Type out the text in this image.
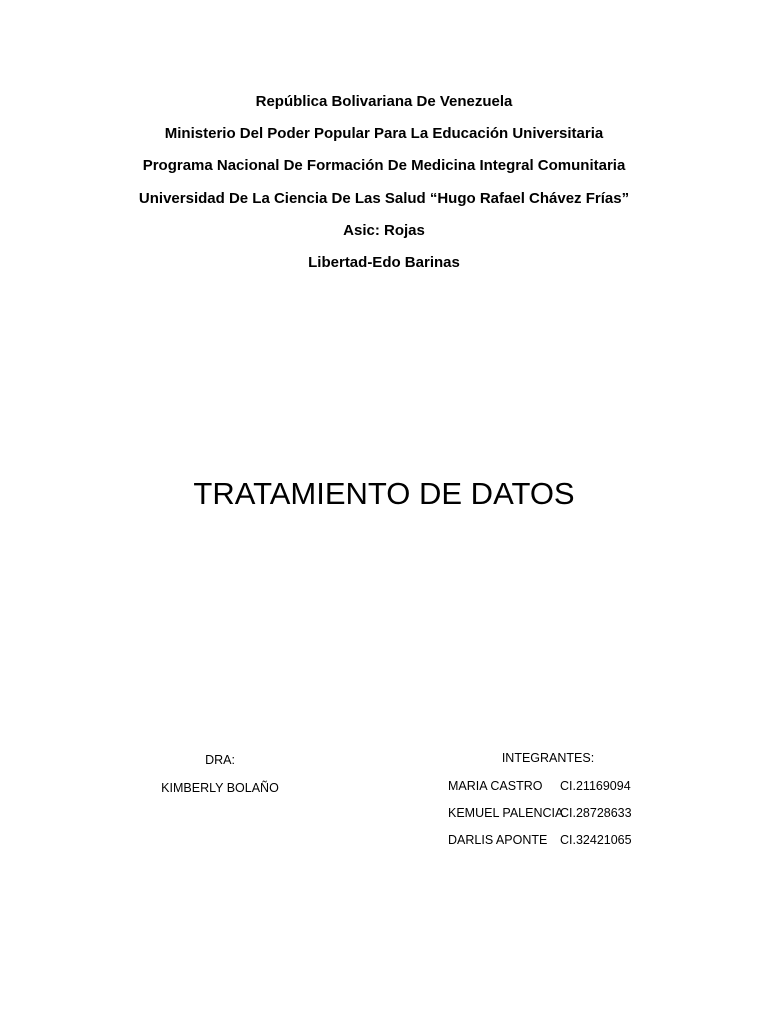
República Bolivariana De Venezuela
Ministerio Del Poder Popular Para La Educación Universitaria
Programa Nacional De Formación De Medicina Integral Comunitaria
Universidad De La Ciencia De Las Salud “Hugo Rafael Chávez Frías”
Asic: Rojas
Libertad-Edo Barinas
TRATAMIENTO DE DATOS
DRA:
KIMBERLY BOLAÑO
INTEGRANTES:
MARIA CASTRO CI.21169094
KEMUEL PALENCIA
CI.28728633
DARLIS APONTE CI.32421065
